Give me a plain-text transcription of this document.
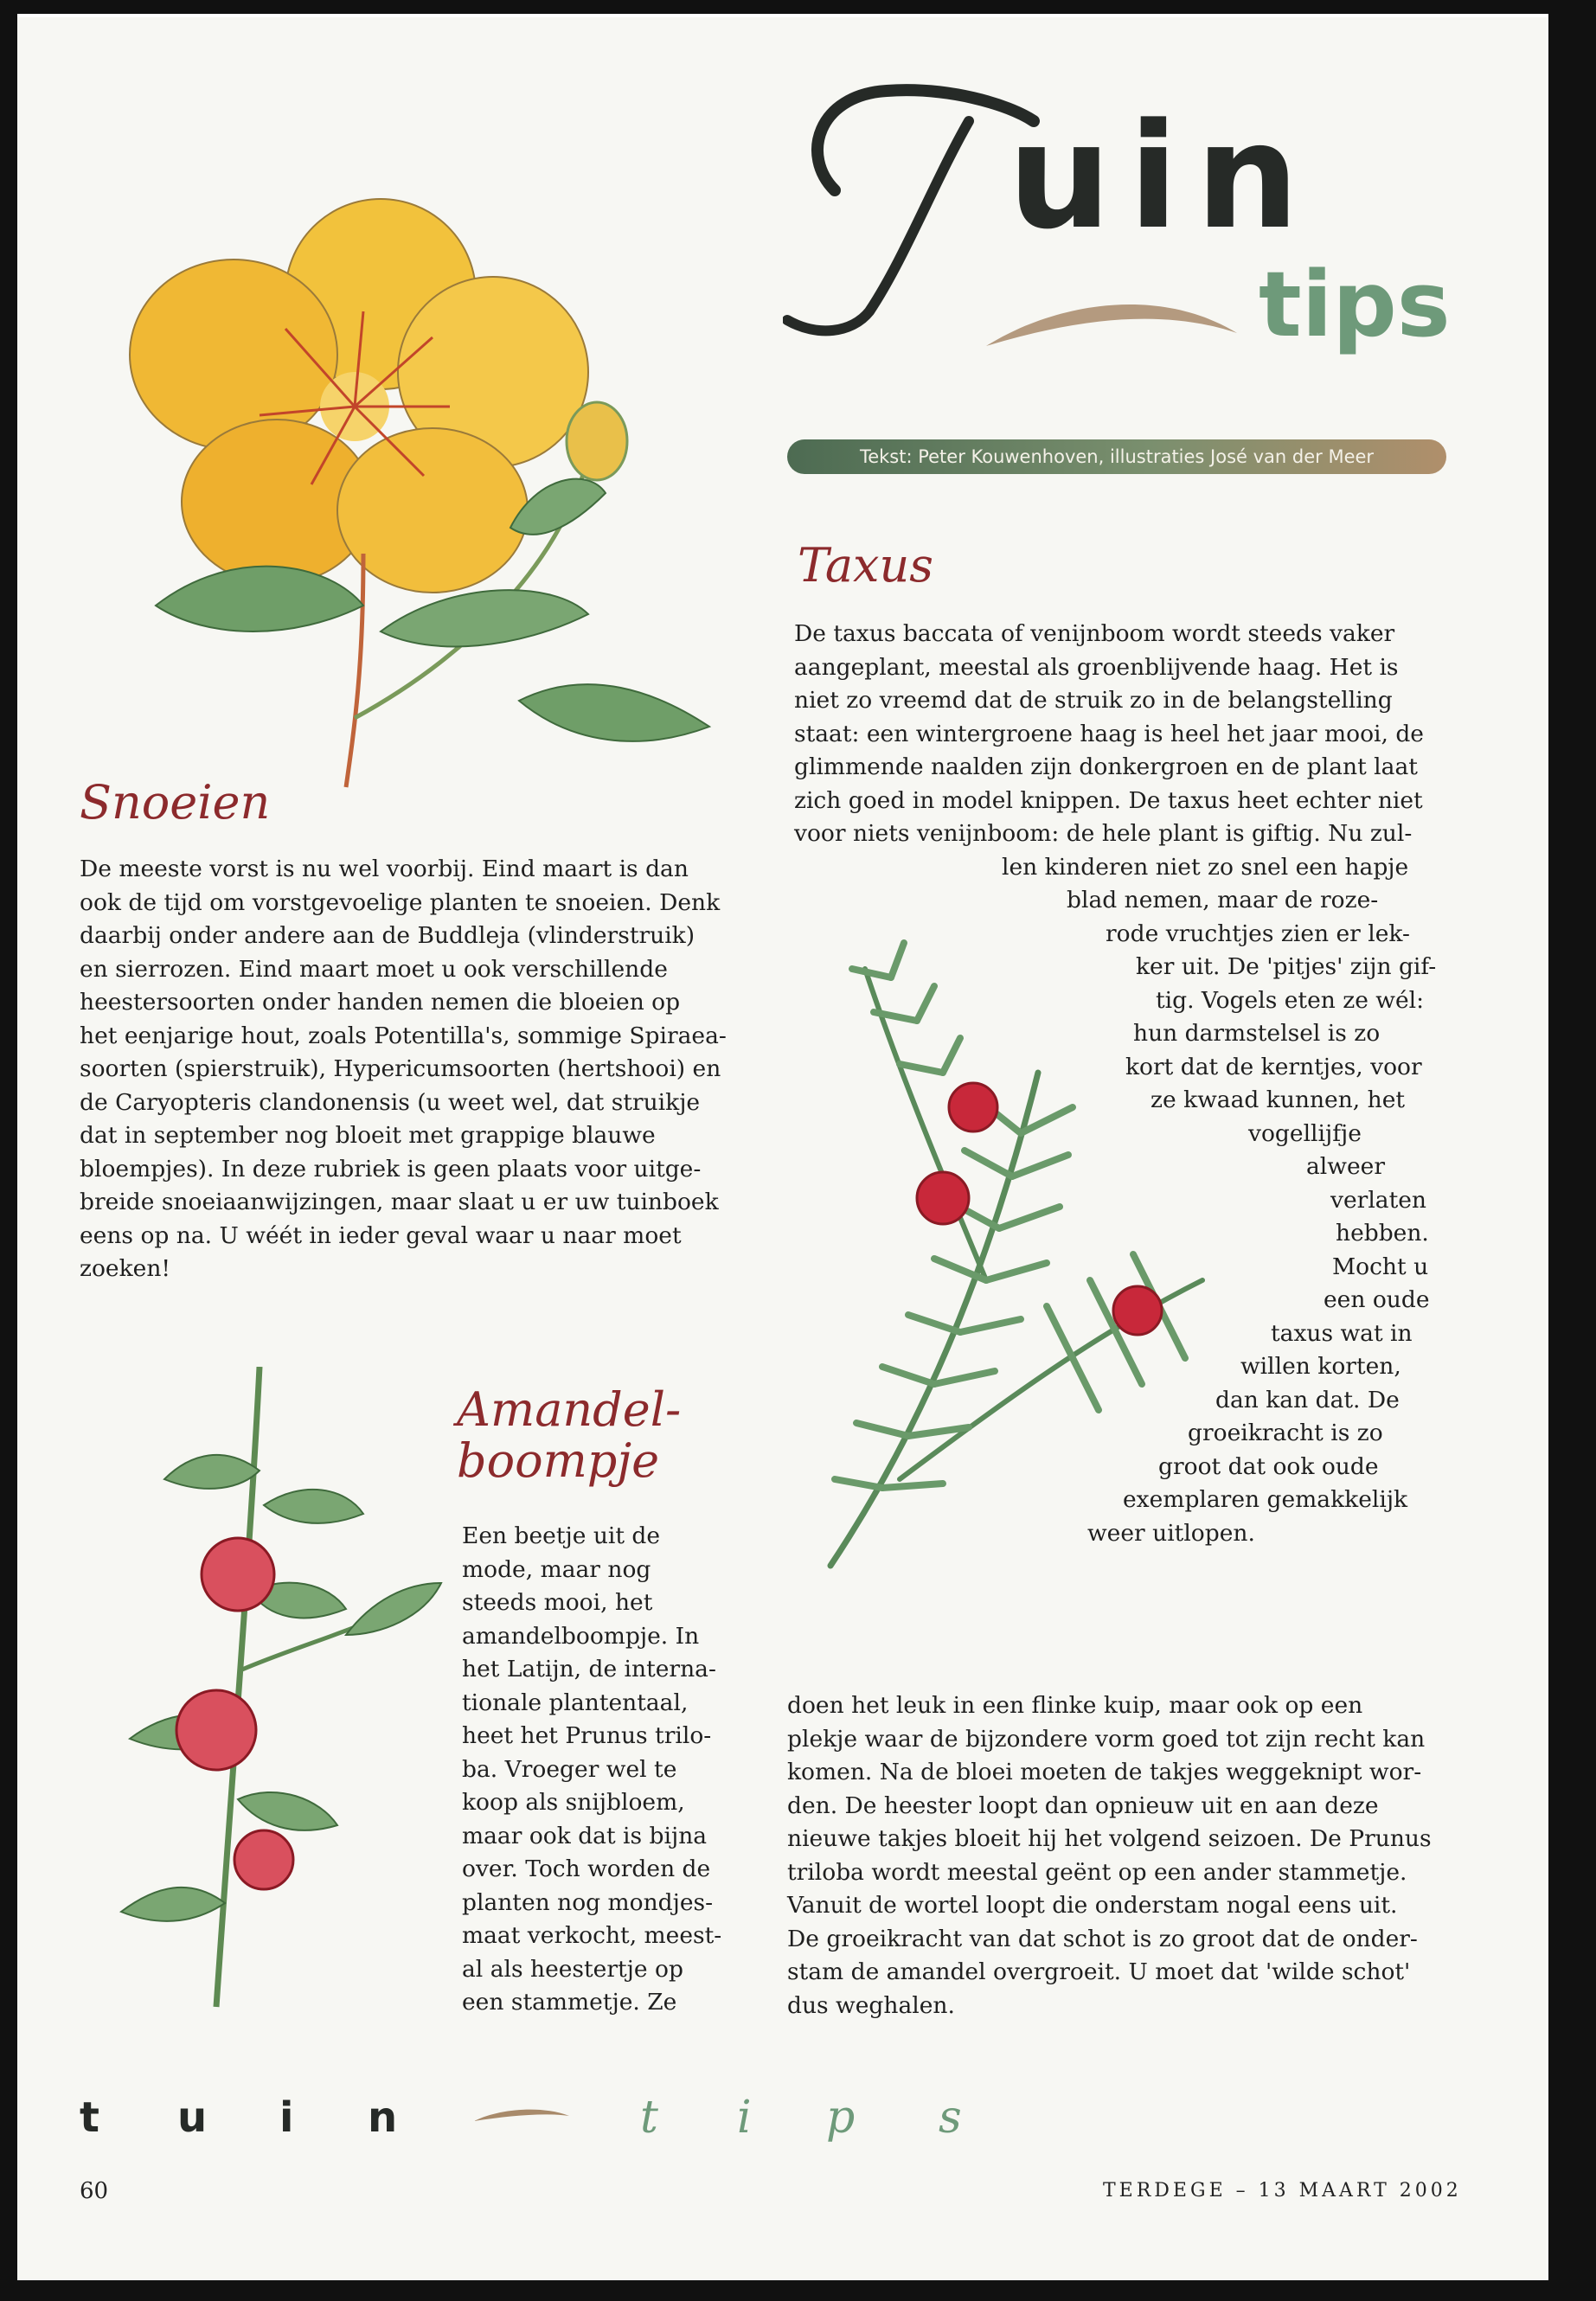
T
uin
tips
Tekst: Peter Kouwenhoven, illustraties José van der Meer
Snoeien
De meeste vorst is nu wel voorbij. Eind maart is dan
ook de tijd om vorstgevoelige planten te snoeien. Denk
daarbij onder andere aan de Buddleja (vlinderstruik)
en sierrozen. Eind maart moet u ook verschillende
heestersoorten onder handen nemen die bloeien op
het eenjarige hout, zoals Potentilla's, sommige Spiraea-
soorten (spierstruik), Hypericumsoorten (hertshooi) en
de Caryopteris clandonensis (u weet wel, dat struikje
dat in september nog bloeit met grappige blauwe
bloempjes). In deze rubriek is geen plaats voor uitge-
breide snoeiaanwijzingen, maar slaat u er uw tuinboek
eens op na. U wéét in ieder geval waar u naar moet
zoeken!
Taxus
De taxus baccata of venijnboom wordt steeds vaker
aangeplant, meestal als groenblijvende haag. Het is
niet zo vreemd dat de struik zo in de belangstelling
staat: een wintergroene haag is heel het jaar mooi, de
glimmende naalden zijn donkergroen en de plant laat
zich goed in model knippen. De taxus heet echter niet
voor niets venijnboom: de hele plant is giftig. Nu zul-
len kinderen niet zo snel een hapje
blad nemen, maar de roze-
rode vruchtjes zien er lek-
ker uit. De 'pitjes' zijn gif-
tig. Vogels eten ze wél:
hun darmstelsel is zo
kort dat de kerntjes, voor
ze kwaad kunnen, het
vogellijfje
alweer
verlaten
hebben.
Mocht u
een oude
taxus wat in
willen korten,
dan kan dat. De
groeikracht is zo
groot dat ook oude
exemplaren gemakkelijk
weer uitlopen.
Amandel-
boompje
Een beetje uit de
mode, maar nog
steeds mooi, het
amandelboompje. In
het Latijn, de interna-
tionale plantentaal,
heet het Prunus trilo-
ba. Vroeger wel te
koop als snijbloem,
maar ook dat is bijna
over. Toch worden de
planten nog mondjes-
maat verkocht, meest-
al als heestertje op
een stammetje. Ze
doen het leuk in een flinke kuip, maar ook op een
plekje waar de bijzondere vorm goed tot zijn recht kan
komen. Na de bloei moeten de takjes weggeknipt wor-
den. De heester loopt dan opnieuw uit en aan deze
nieuwe takjes bloeit hij het volgend seizoen. De Prunus
triloba wordt meestal geënt op een ander stammetje.
Vanuit de wortel loopt die onderstam nogal eens uit.
De groeikracht van dat schot is zo groot dat de onder-
stam de amandel overgroeit. U moet dat 'wilde schot'
dus weghalen.
t u i n	t i p s
60	TERDEGE – 13 MAART 2002
